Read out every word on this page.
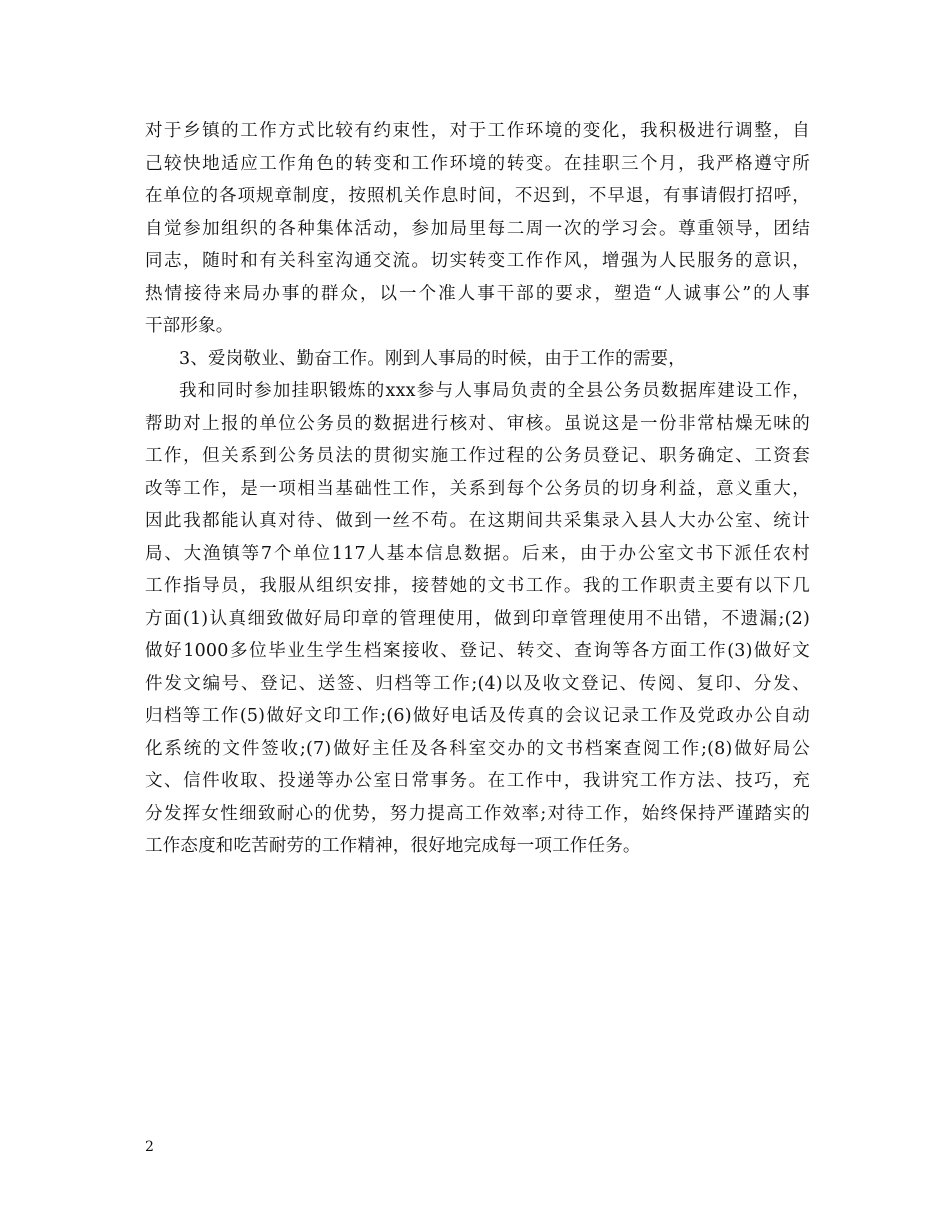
对于乡镇的工作方式比较有约束性，对于工作环境的变化，我积极进行调整，自
己较快地适应工作角色的转变和工作环境的转变。在挂职三个月，我严格遵守所
在单位的各项规章制度，按照机关作息时间，不迟到，不早退，有事请假打招呼，
自觉参加组织的各种集体活动，参加局里每二周一次的学习会。尊重领导，团结
同志，随时和有关科室沟通交流。切实转变工作作风，增强为人民服务的意识，
热情接待来局办事的群众，以一个准人事干部的要求，塑造“人诚事公”的人事
干部形象。
3、爱岗敬业、勤奋工作。刚到人事局的时候，由于工作的需要，
我和同时参加挂职锻炼的xxx参与人事局负责的全县公务员数据库建设工作，
帮助对上报的单位公务员的数据进行核对、审核。虽说这是一份非常枯燥无味的
工作，但关系到公务员法的贯彻实施工作过程的公务员登记、职务确定、工资套
改等工作，是一项相当基础性工作，关系到每个公务员的切身利益，意义重大，
因此我都能认真对待、做到一丝不苟。在这期间共采集录入县人大办公室、统计
局、大渔镇等7个单位117人基本信息数据。后来，由于办公室文书下派任农村
工作指导员，我服从组织安排，接替她的文书工作。我的工作职责主要有以下几
方面(1)认真细致做好局印章的管理使用，做到印章管理使用不出错，不遗漏;(2)
做好1000多位毕业生学生档案接收、登记、转交、查询等各方面工作(3)做好文
件发文编号、登记、送签、归档等工作;(4)以及收文登记、传阅、复印、分发、
归档等工作(5)做好文印工作;(6)做好电话及传真的会议记录工作及党政办公自动
化系统的文件签收;(7)做好主任及各科室交办的文书档案查阅工作;(8)做好局公
文、信件收取、投递等办公室日常事务。在工作中，我讲究工作方法、技巧，充
分发挥女性细致耐心的优势，努力提高工作效率;对待工作，始终保持严谨踏实的
工作态度和吃苦耐劳的工作精神，很好地完成每一项工作任务。
2
